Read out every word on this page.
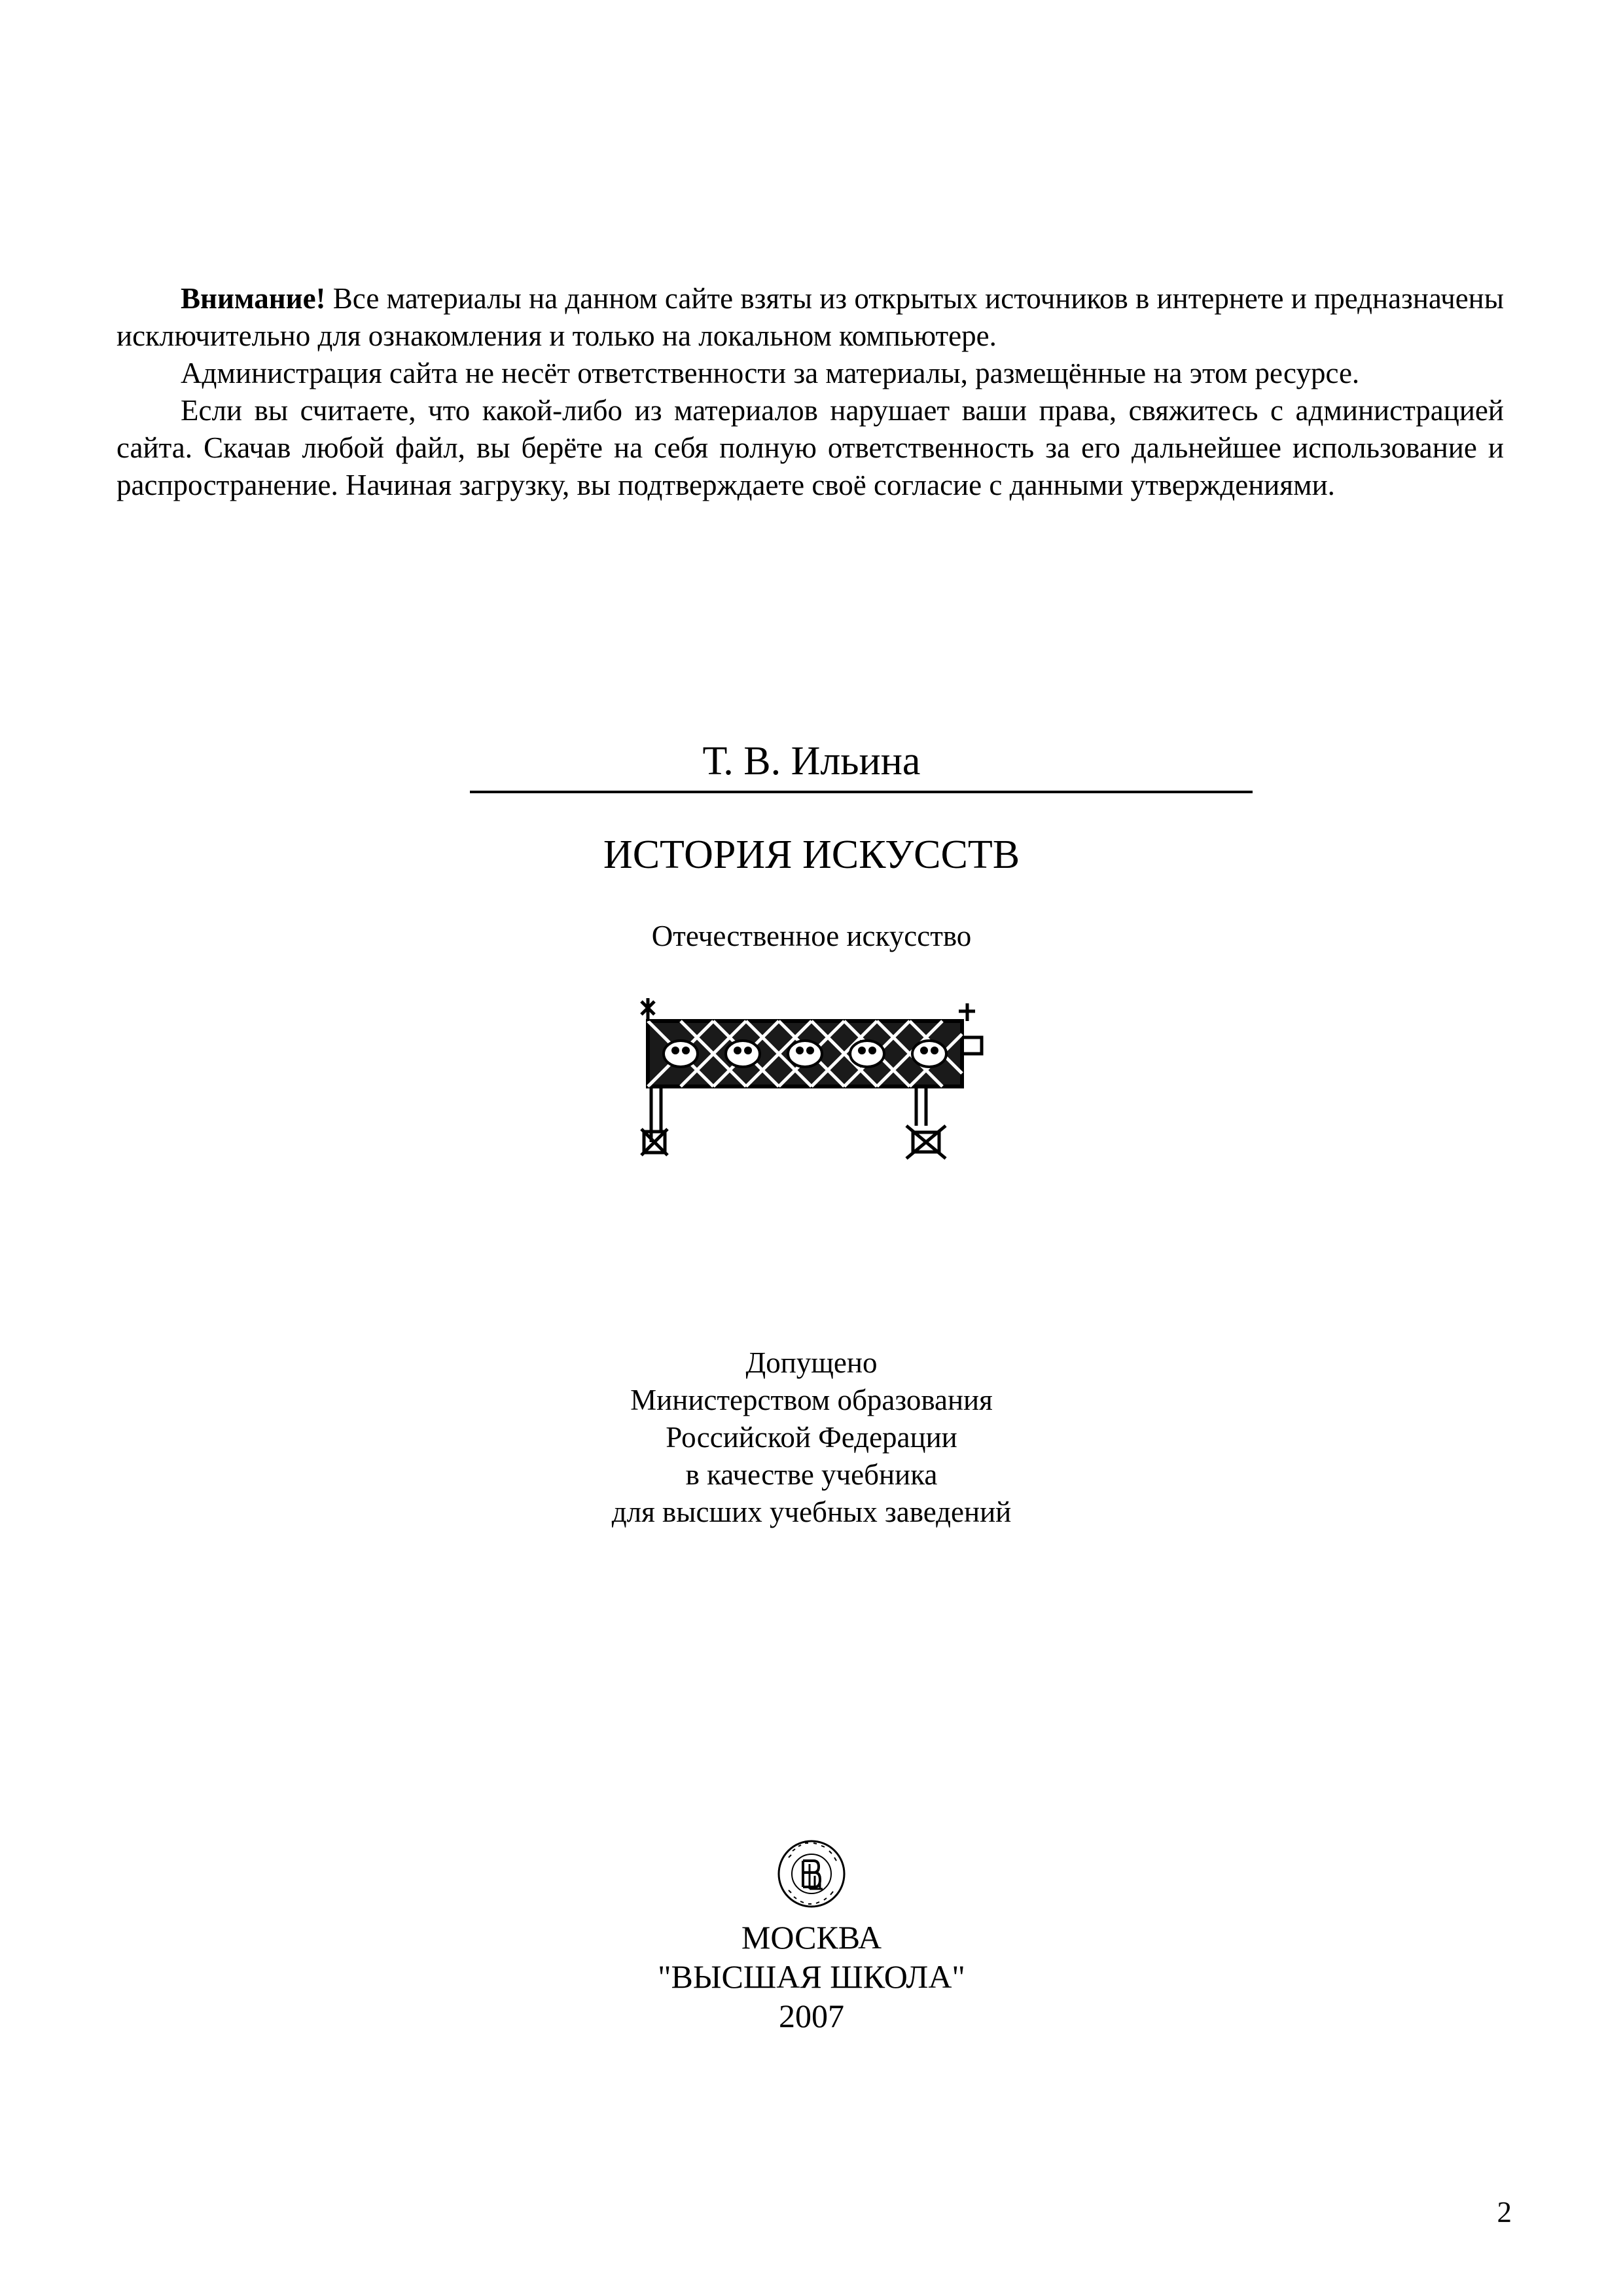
Внимание! Все материалы на данном сайте взяты из открытых источников в интернете и предназначены исключительно для ознакомления и только на локальном компьютере.

Администрация сайта не несёт ответственности за материалы, размещённые на этом ресурсе.

Если вы считаете, что какой-либо из материалов нарушает ваши права, свяжитесь с администрацией сайта. Скачав любой файл, вы берёте на себя полную ответственность за его дальнейшее использование и распространение. Начиная загрузку, вы подтверждаете своё согласие с данными утверждениями.

Т. В. Ильина
ИСТОРИЯ ИСКУССТВ
Отечественное искусство
Допущено
Министерством образования
Российской Федерации
в качестве учебника
для высших учебных заведений
МОСКВА
"ВЫСШАЯ ШКОЛА"
2007
2
